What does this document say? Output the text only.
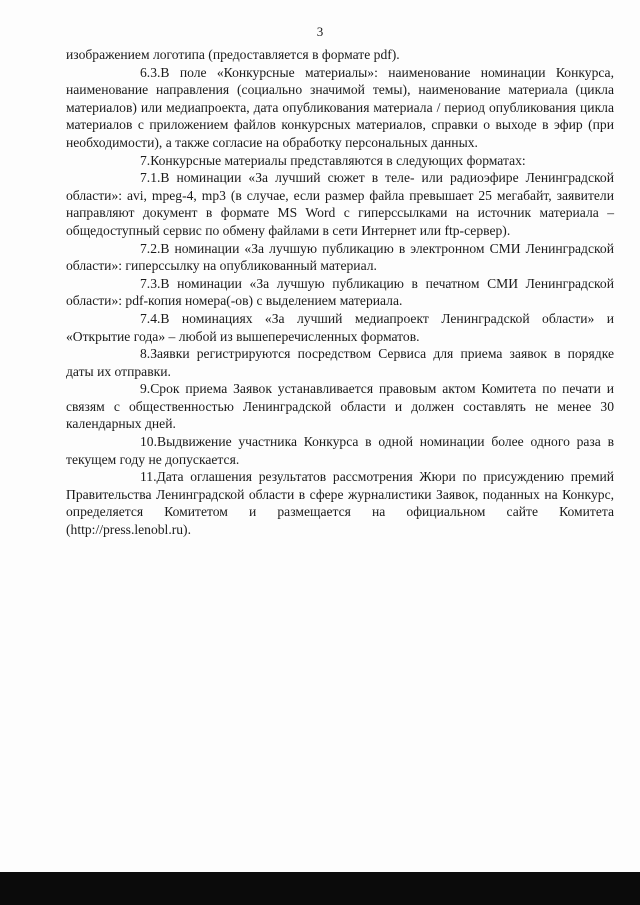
3

изображением логотипа (предоставляется в формате pdf).

6.3.В поле «Конкурсные материалы»: наименование номинации Конкурса, наименование направления (социально значимой темы), наименование материала (цикла материалов) или медиапроекта, дата опубликования материала / период опубликования цикла материалов с приложением файлов конкурсных материалов, справки о выходе в эфир (при необходимости), а также согласие на обработку персональных данных.

7.Конкурсные материалы представляются в следующих форматах:

7.1.В номинации «За лучший сюжет в теле- или радиоэфире Ленинградской области»: avi, mpeg-4, mp3 (в случае, если размер файла превышает 25 мегабайт, заявители направляют документ в формате MS Word с гиперссылками на источник материала – общедоступный сервис по обмену файлами в сети Интернет или ftp-сервер).

7.2.В номинации «За лучшую публикацию в электронном СМИ Ленинградской области»: гиперссылку на опубликованный материал.

7.3.В номинации «За лучшую публикацию в печатном СМИ Ленинградской области»: pdf-копия номера(-ов) с выделением материала.

7.4.В номинациях «За лучший медиапроект Ленинградской области» и «Открытие года» – любой из вышеперечисленных форматов.

8.Заявки регистрируются посредством Сервиса для приема заявок в порядке даты их отправки.

9.Срок приема Заявок устанавливается правовым актом Комитета по печати и связям с общественностью Ленинградской области и должен составлять не менее 30 календарных дней.

10.Выдвижение участника Конкурса в одной номинации более одного раза в текущем году не допускается.

11.Дата оглашения результатов рассмотрения Жюри по присуждению премий Правительства Ленинградской области в сфере журналистики Заявок, поданных на Конкурс, определяется Комитетом и размещается на официальном сайте Комитета (http://press.lenobl.ru).
